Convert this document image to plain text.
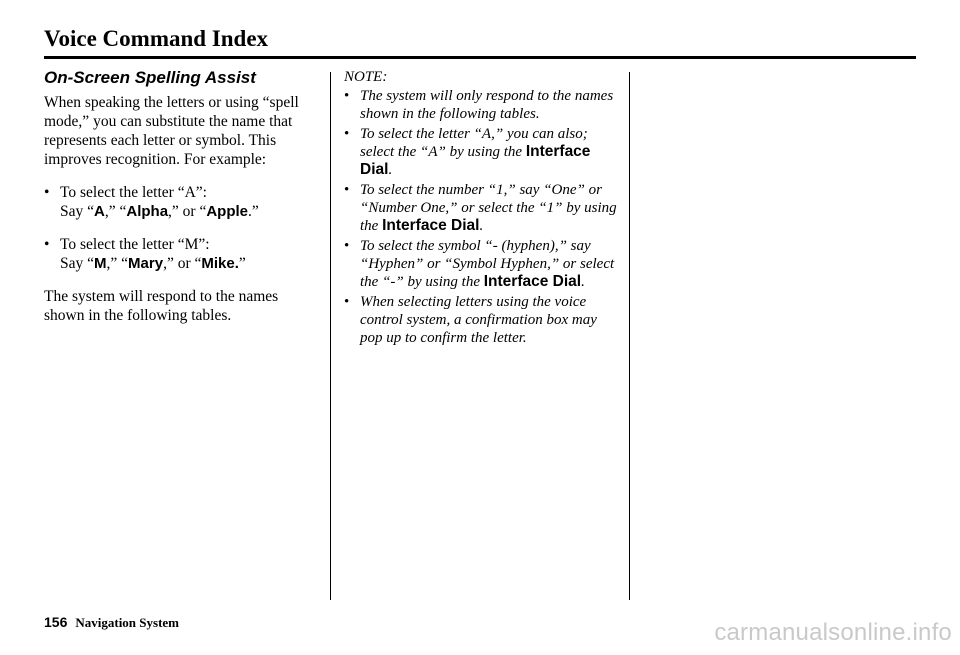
Voice Command Index
On-Screen Spelling Assist

When speaking the letters or using “spell mode,” you can substitute the name that represents each letter or symbol. This improves recognition. For example:

• To select the letter “A”:
Say “A,” “Alpha,” or “Apple.”
• To select the letter “M”:
Say “M,” “Mary,” or “Mike.”

The system will respond to the names shown in the following tables.

NOTE:
• The system will only respond to the names shown in the following tables.
• To select the letter “A,” you can also; select the “A” by using the Interface Dial.
• To select the number “1,” say “One” or “Number One,” or select the “1” by using the Interface Dial.
• To select the symbol “- (hyphen),” say “Hyphen” or “Symbol Hyphen,” or select the “-” by using the Interface Dial.
• When selecting letters using the voice control system, a confirmation box may pop up to confirm the letter.
156 Navigation System	carmanualsonline.info
